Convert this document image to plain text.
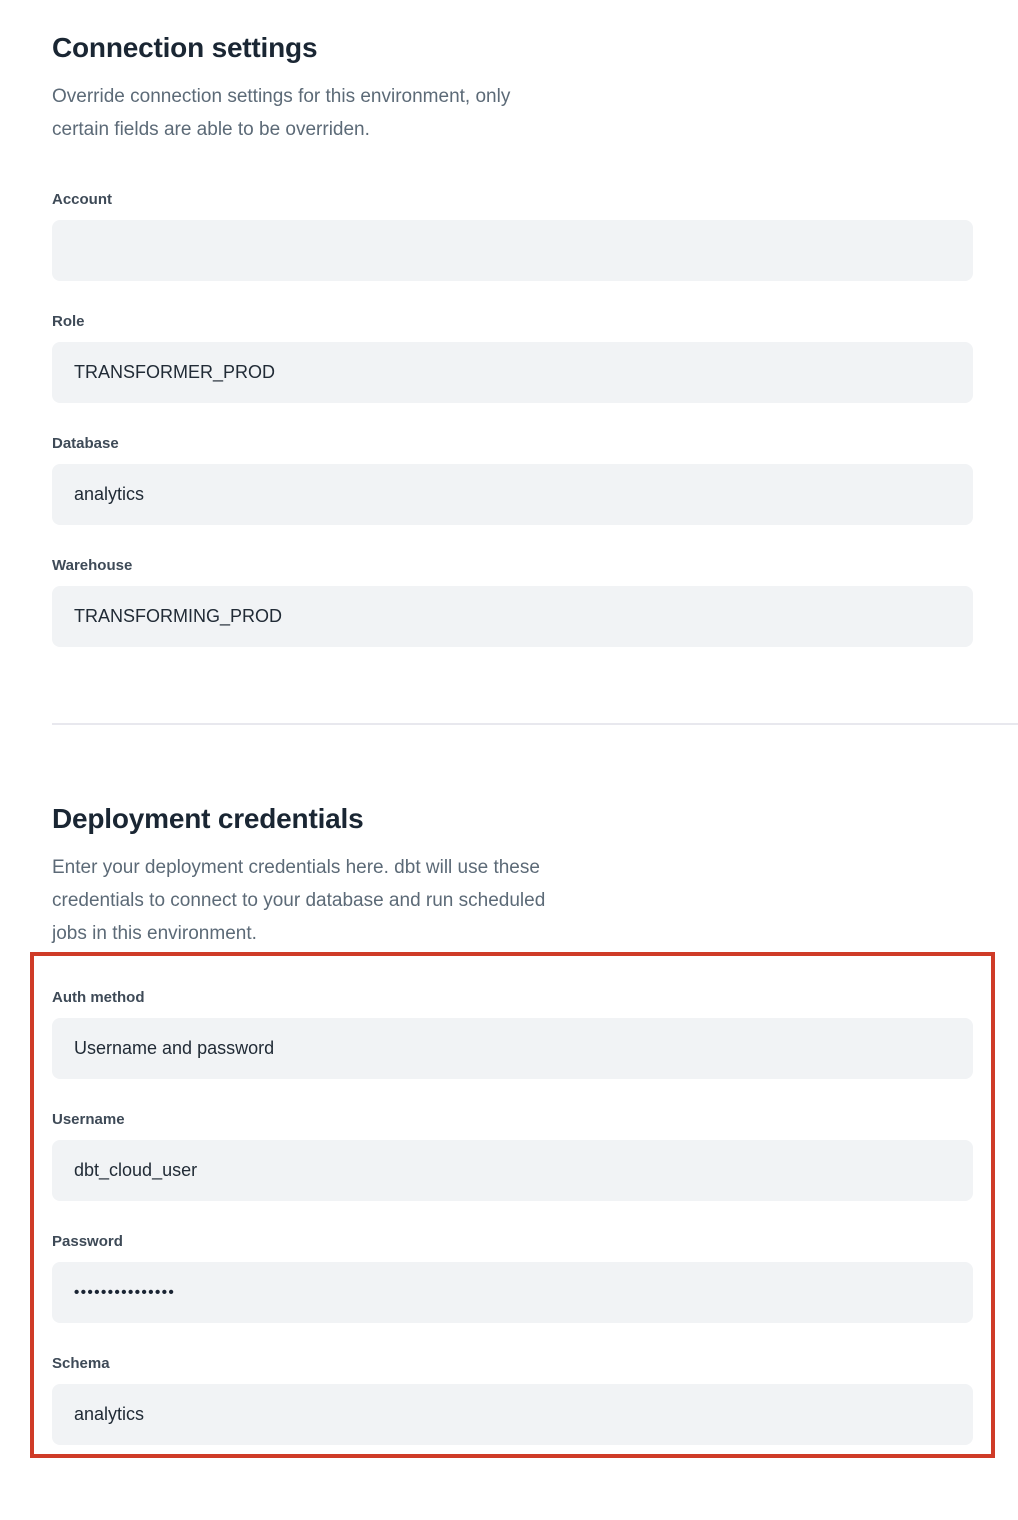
Connection settings

Override connection settings for this environment, only certain fields are able to be overriden.

Account
Role
TRANSFORMER_PROD
Database
analytics
Warehouse
TRANSFORMING_PROD
Deployment credentials

Enter your deployment credentials here. dbt will use these credentials to connect to your database and run scheduled jobs in this environment.

Auth method
Username and password
Username
dbt_cloud_user
Password
•••••••••••••••
Schema
analytics
